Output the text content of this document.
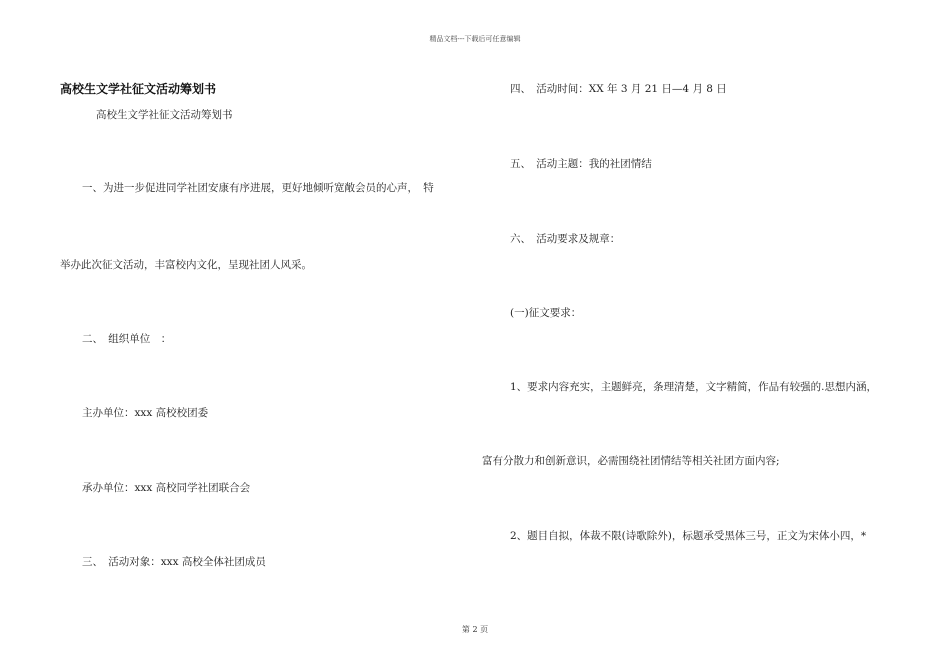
精品文档---下载后可任意编辑
高校生文学社征文活动筹划书
高校生文学社征文活动筹划书
一、为进一步促进同学社团安康有序进展，更好地倾听宽敞会员的心声，　特
举办此次征文活动，丰富校内文化，呈现社团人风采。
二、　组织单位　：
主办单位：xxx 高校校团委
承办单位：xxx 高校同学社团联合会
三、　活动对象：xxx 高校全体社团成员
四、　活动时间：XX 年 3 月 21 日—4 月 8 日
五、　活动主题：我的社团情结
六、　活动要求及规章：
(一)征文要求：
1、要求内容充实，主题鲜亮，条理清楚，文字精简，作品有较强的.思想内涵，
富有分散力和创新意识，必需围绕社团情结等相关社团方面内容;
2、题目自拟，体裁不限(诗歌除外)，标题承受黑体三号，正文为宋体小四，*
第 2 页
